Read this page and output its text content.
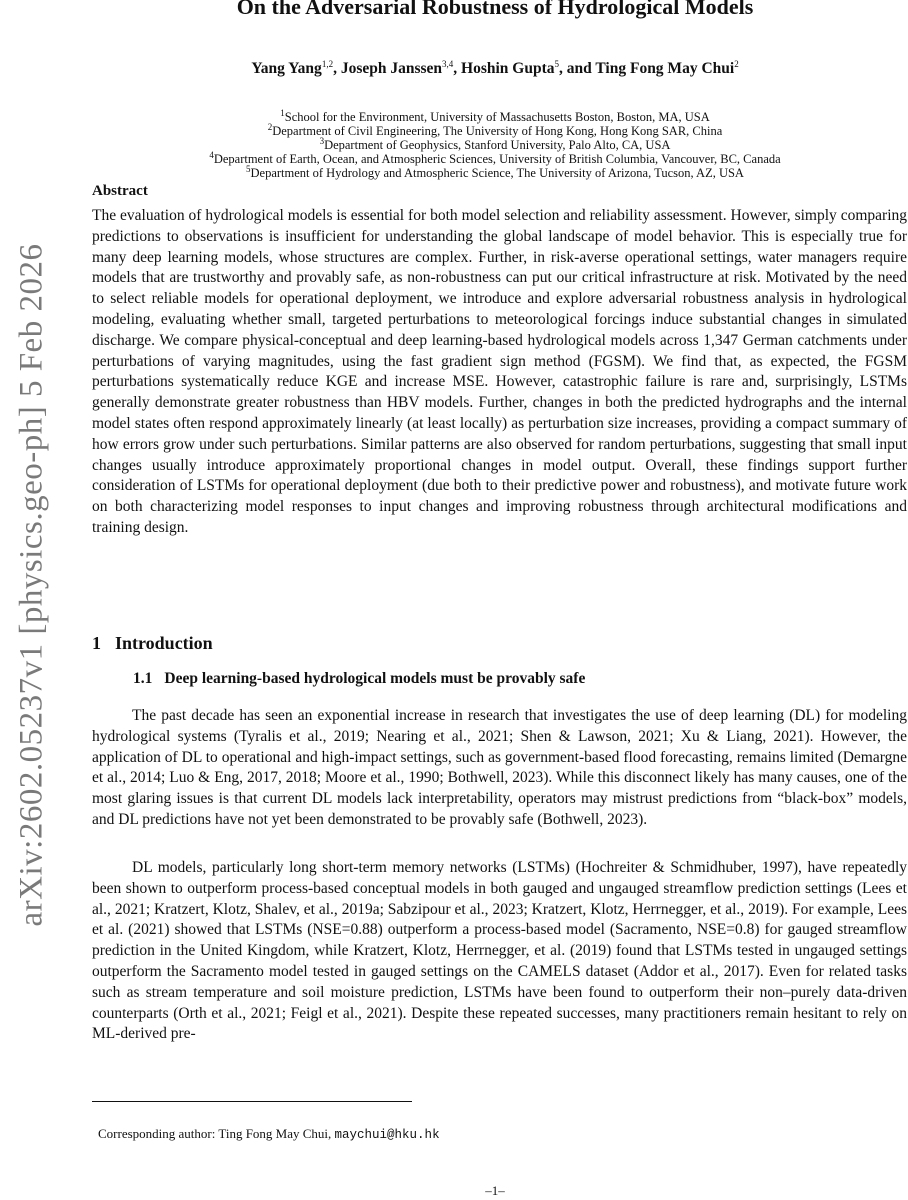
arXiv:2602.05237v1 [physics.geo-ph] 5 Feb 2026
On the Adversarial Robustness of Hydrological Models
Yang Yang$^{1,2}$, Joseph Janssen$^{3,4}$, Hoshin Gupta$^5$, and Ting Fong May Chui$^2$
$^1$School for the Environment, University of Massachusetts Boston, Boston, MA, USA
$^2$Department of Civil Engineering, The University of Hong Kong, Hong Kong SAR, China
$^3$Department of Geophysics, Stanford University, Palo Alto, CA, USA
$^4$Department of Earth, Ocean, and Atmospheric Sciences, University of British Columbia, Vancouver, BC, Canada
$^5$Department of Hydrology and Atmospheric Science, The University of Arizona, Tucson, AZ, USA
Abstract
The evaluation of hydrological models is essential for both model selection and reliability assessment. However, simply comparing predictions to observations is insufficient for understanding the global landscape of model behavior. This is especially true for many deep learning models, whose structures are complex. Further, in risk-averse operational settings, water managers require models that are trustworthy and provably safe, as non-robustness can put our critical infrastructure at risk. Motivated by the need to select reliable models for operational deployment, we introduce and explore adversarial robustness analysis in hydrological modeling, evaluating whether small, targeted perturbations to meteorological forcings induce substantial changes in simulated discharge. We compare physical-conceptual and deep learning-based hydrological models across 1,347 German catchments under perturbations of varying magnitudes, using the fast gradient sign method (FGSM). We find that, as expected, the FGSM perturbations systematically reduce KGE and increase MSE. However, catastrophic failure is rare and, surprisingly, LSTMs generally demonstrate greater robustness than HBV models. Further, changes in both the predicted hydrographs and the internal model states often respond approximately linearly (at least locally) as perturbation size increases, providing a compact summary of how errors grow under such perturbations. Similar patterns are also observed for random perturbations, suggesting that small input changes usually introduce approximately proportional changes in model output. Overall, these findings support further consideration of LSTMs for operational deployment (due both to their predictive power and robustness), and motivate future work on both characterizing model responses to input changes and improving robustness through architectural modifications and training design.
1 Introduction
1.1 Deep learning-based hydrological models must be provably safe
The past decade has seen an exponential increase in research that investigates the use of deep learning (DL) for modeling hydrological systems (Tyralis et al., 2019; Nearing et al., 2021; Shen & Lawson, 2021; Xu & Liang, 2021). However, the application of DL to operational and high-impact settings, such as government-based flood forecasting, remains limited (Demargne et al., 2014; Luo & Eng, 2017, 2018; Moore et al., 1990; Bothwell, 2023). While this disconnect likely has many causes, one of the most glaring issues is that current DL models lack interpretability, operators may mistrust predictions from “black-box” models, and DL predictions have not yet been demonstrated to be provably safe (Bothwell, 2023).
DL models, particularly long short-term memory networks (LSTMs) (Hochreiter & Schmidhuber, 1997), have repeatedly been shown to outperform process-based conceptual models in both gauged and ungauged streamflow prediction settings (Lees et al., 2021; Kratzert, Klotz, Shalev, et al., 2019a; Sabzipour et al., 2023; Kratzert, Klotz, Herrnegger, et al., 2019). For example, Lees et al. (2021) showed that LSTMs (NSE=0.88) outperform a process-based model (Sacramento, NSE=0.8) for gauged streamflow prediction in the United Kingdom, while Kratzert, Klotz, Herrnegger, et al. (2019) found that LSTMs tested in ungauged settings outperform the Sacramento model tested in gauged settings on the CAMELS dataset (Addor et al., 2017). Even for related tasks such as stream temperature and soil moisture prediction, LSTMs have been found to outperform their non–purely data-driven counterparts (Orth et al., 2021; Feigl et al., 2021). Despite these repeated successes, many practitioners remain hesitant to rely on ML-derived pre-
Corresponding author: Ting Fong May Chui, maychui@hku.hk
–1–
